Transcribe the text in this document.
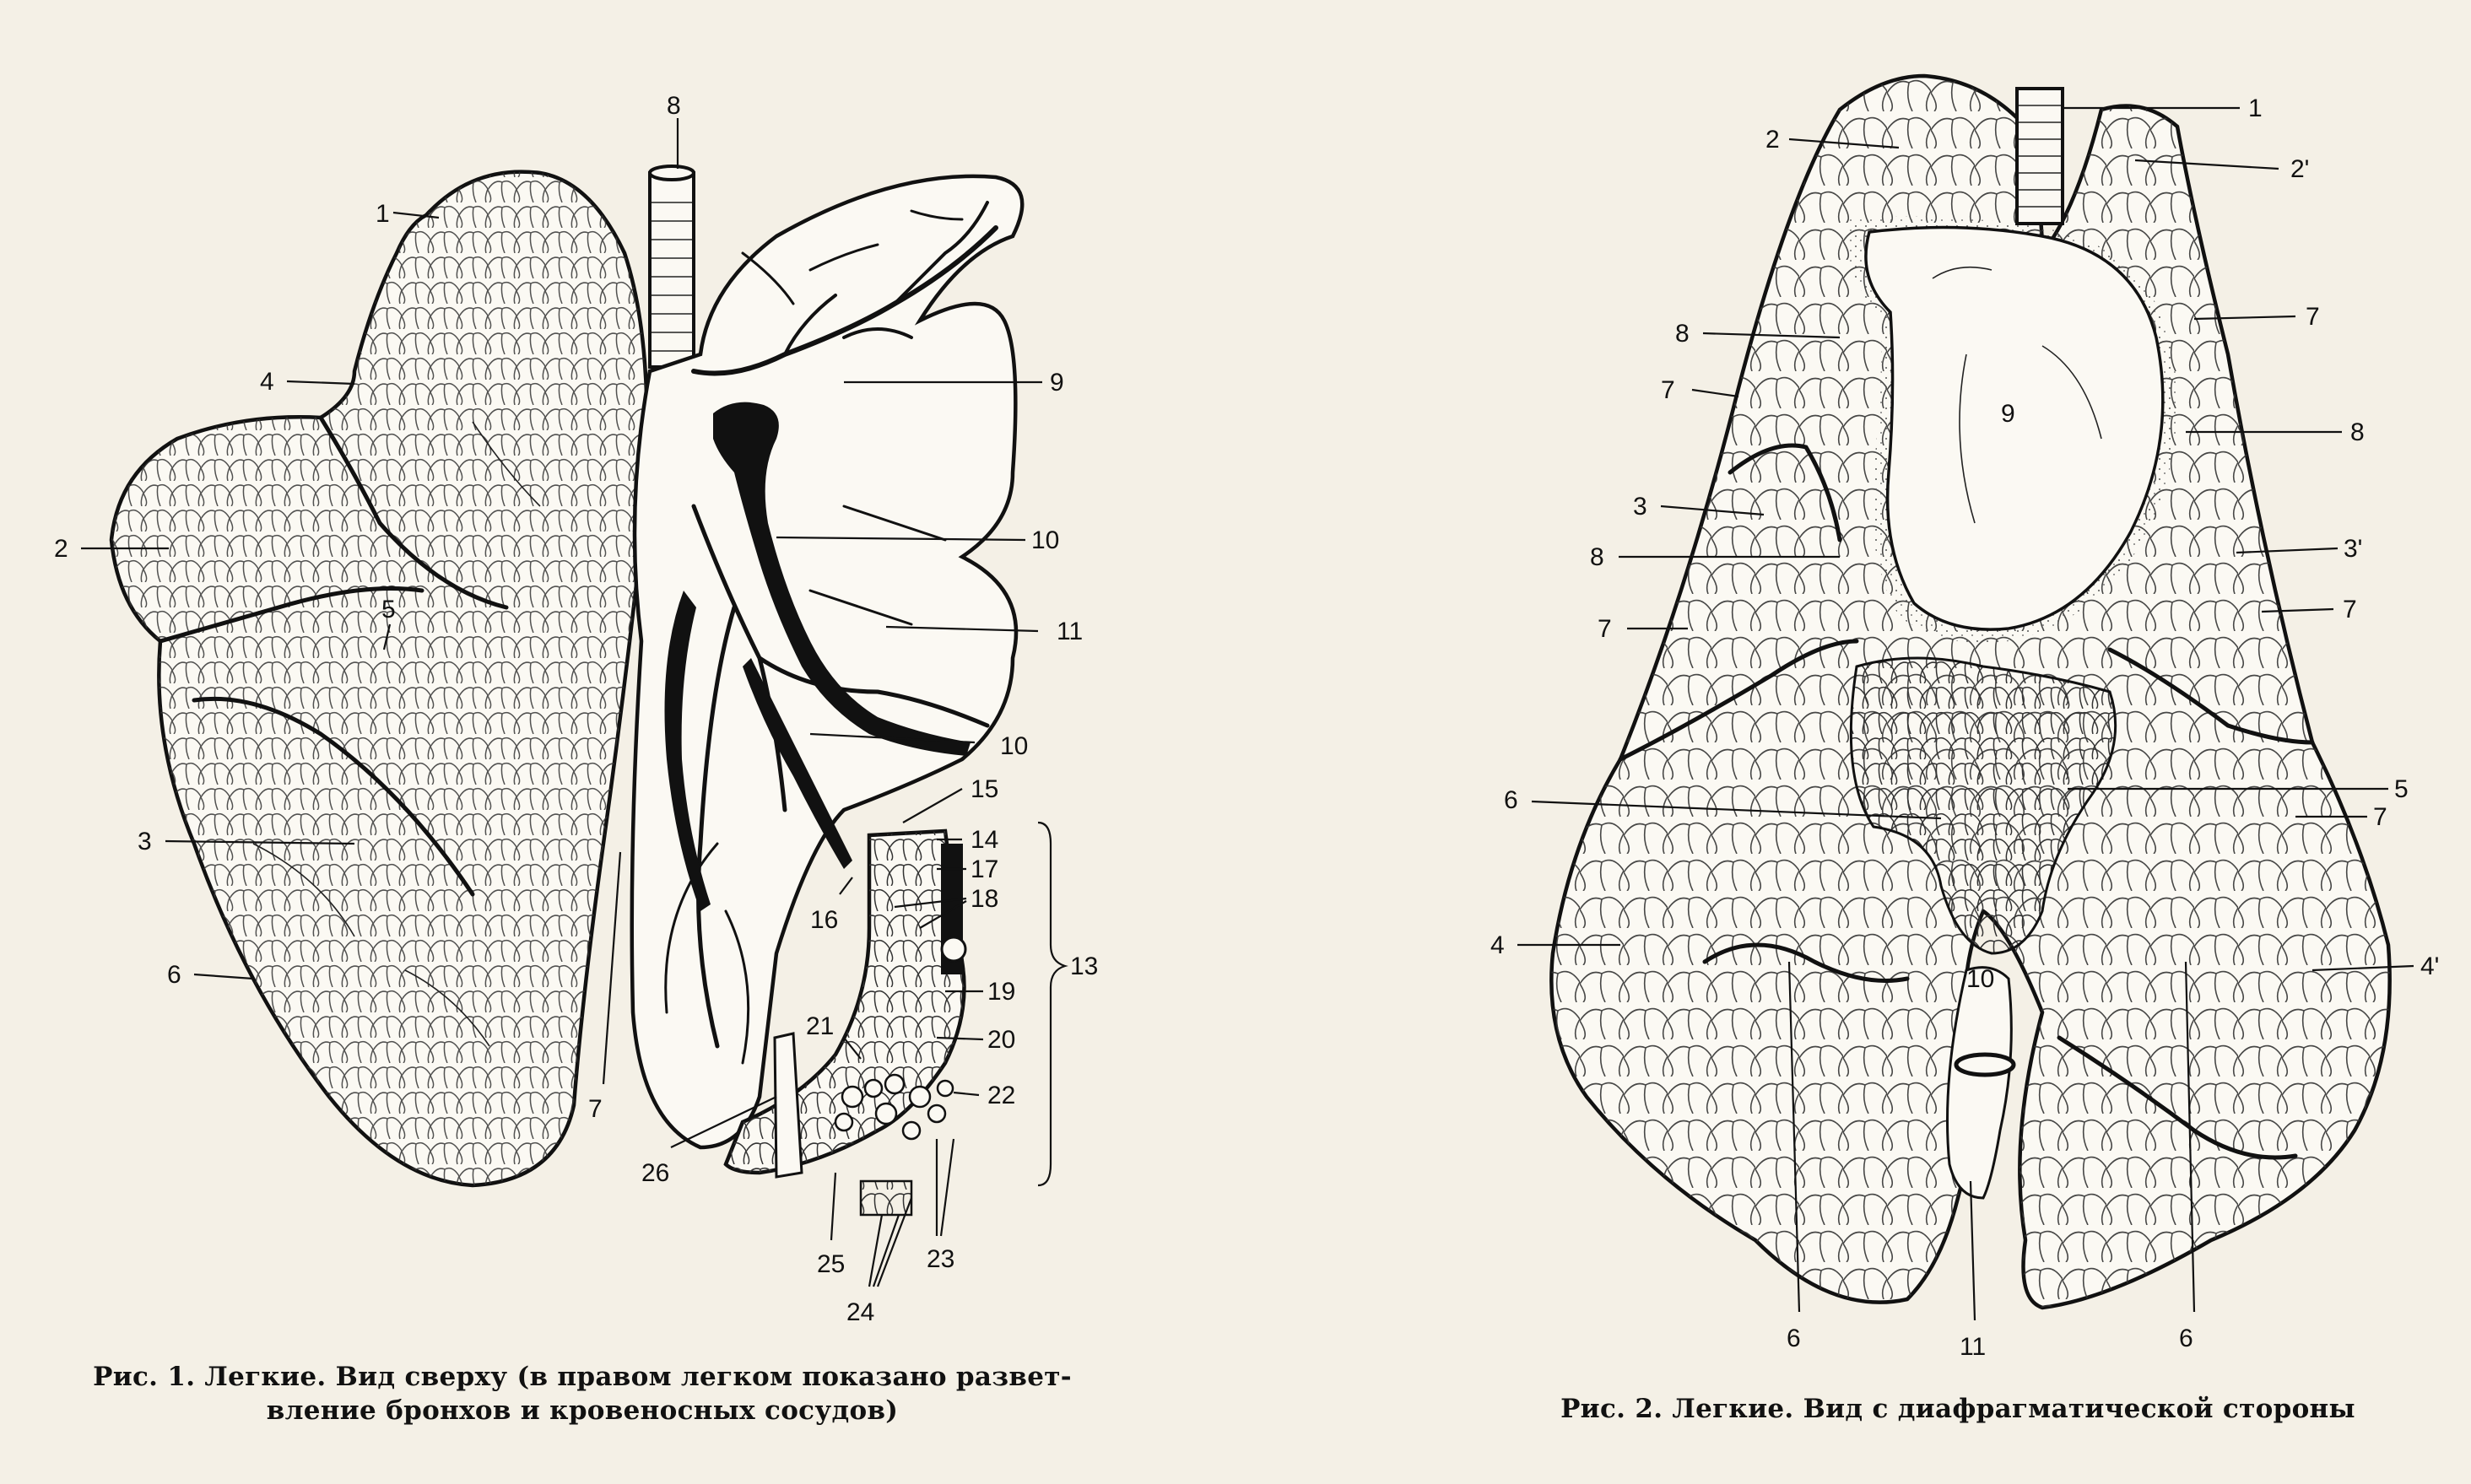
1
2
3
4
5
6
7
8
9
10
11
10
12
13
14
15
16
17
18
19
20
21
22
23
24
25
26
1
2
2'
3
3'
4
4'
5
6
6	6
7
7
7
7
7
8
8
8
9
10
11
Рис. 1. Легкие. Вид сверху (в правом легком показано развет-
вление бронхов и кровеносных сосудов)	Рис. 2. Легкие. Вид с диафрагматической стороны
